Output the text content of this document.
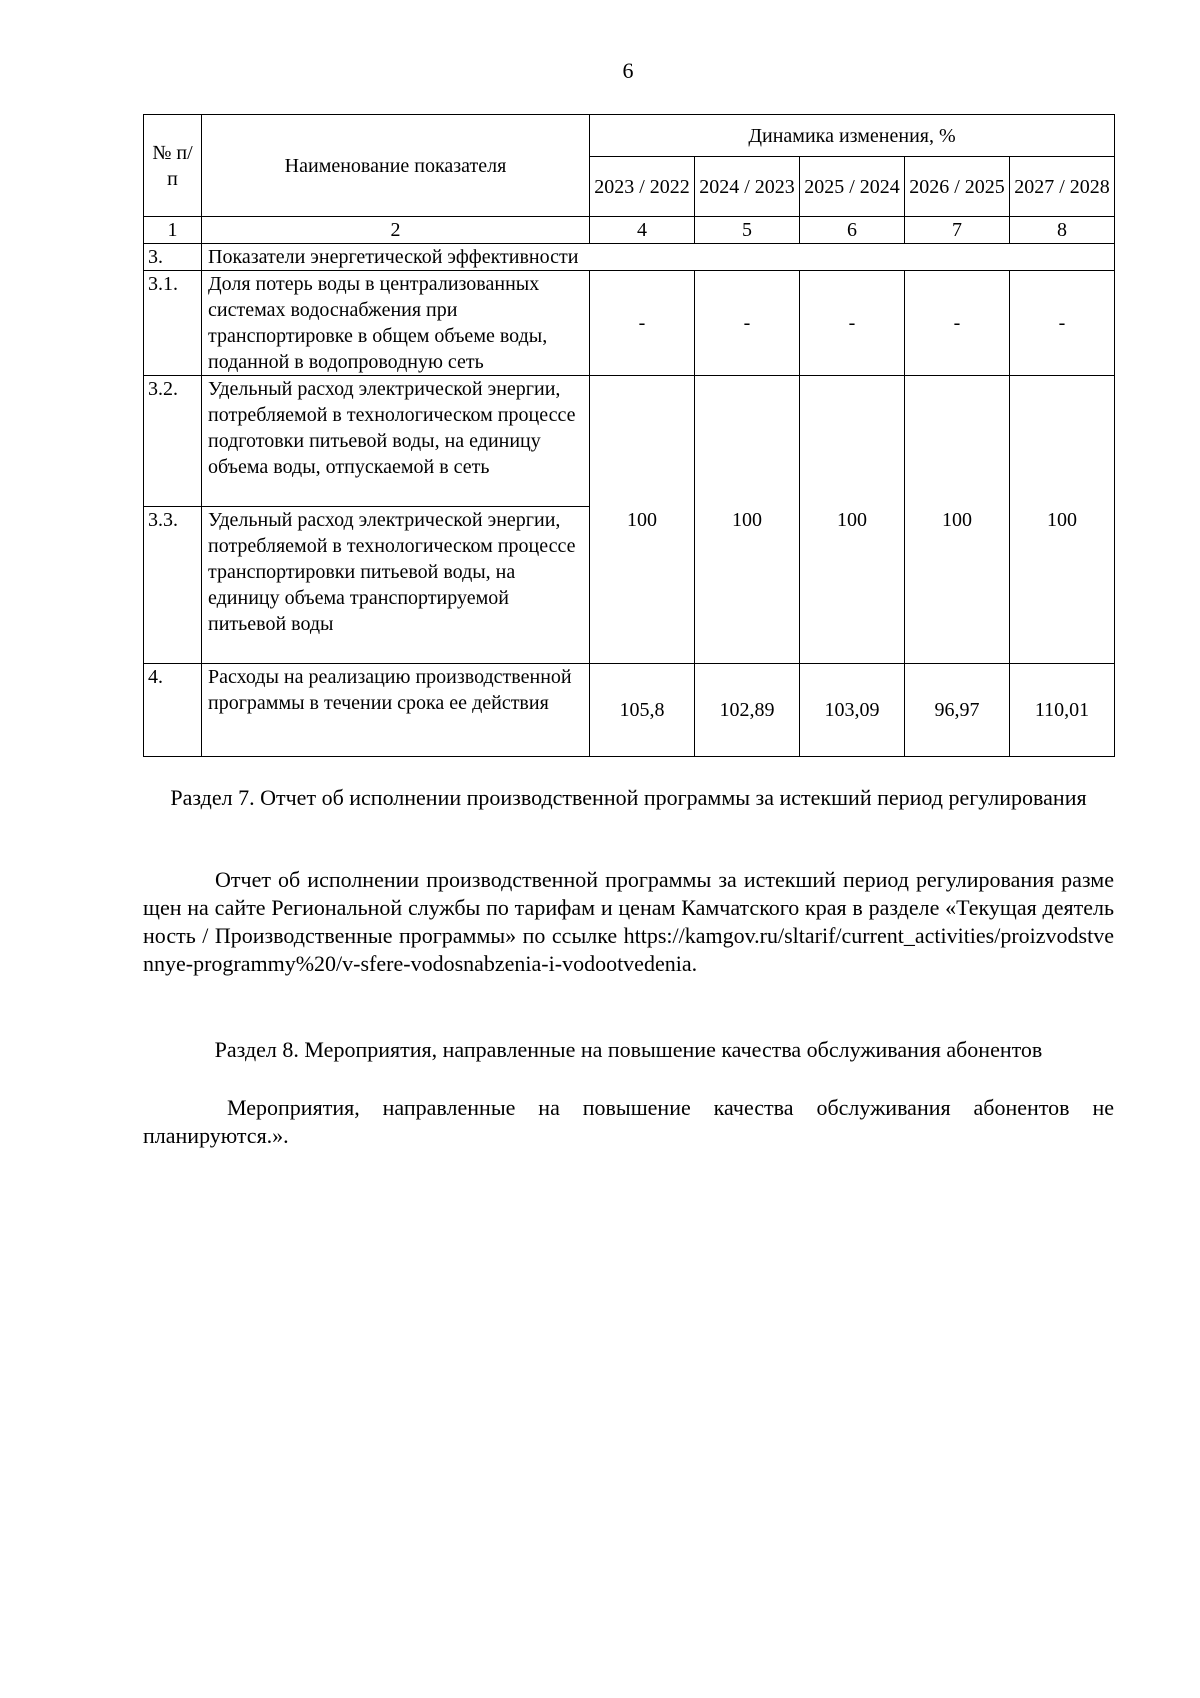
6
№ п/п	Наименование показателя	Динамика изменения, %				
		2023 / 2022	2024 / 2023	2025 / 2024	2026 / 2025	2027 / 2028
1	2	4	5	6	7	8
3.	Показатели энергетической эффективности					
3.1.	Доля потерь воды в централизованных системах водоснабжения при транспортировке в общем объеме воды, поданной в водопроводную сеть	-	-	-	-	-
3.2.	Удельный расход электрической энергии, потребляемой в технологическом процессе подготовки питьевой воды, на единицу объема воды, отпускаемой в сеть	100	100	100	100	100
3.3.	Удельный расход электрической энергии, потребляемой в технологическом процессе транспортировки питьевой воды, на единицу объема транспортируемой питьевой воды					
4.	Расходы на реализацию производственной программы в течении срока ее действия	105,8	102,89	103,09	96,97	110,01
Раздел 7. Отчет об исполнении производственной программы за истекший период регулирования
Отчет об исполнении производственной программы за истекший период регулирования размещен на сайте Региональной службы по тарифам и ценам Камчатского края в разделе «Текущая деятельность / Производственные программы» по ссылке https://kamgov.ru/sltarif/current_activities/proizvodstvennye-programmy%20/v-sfere-vodosnabzenia-i-vodootvedenia.
Раздел 8. Мероприятия, направленные на повышение качества обслуживания абонентов
Мероприятия, направленные на повышение качества обслуживания абонентов не планируются.».
